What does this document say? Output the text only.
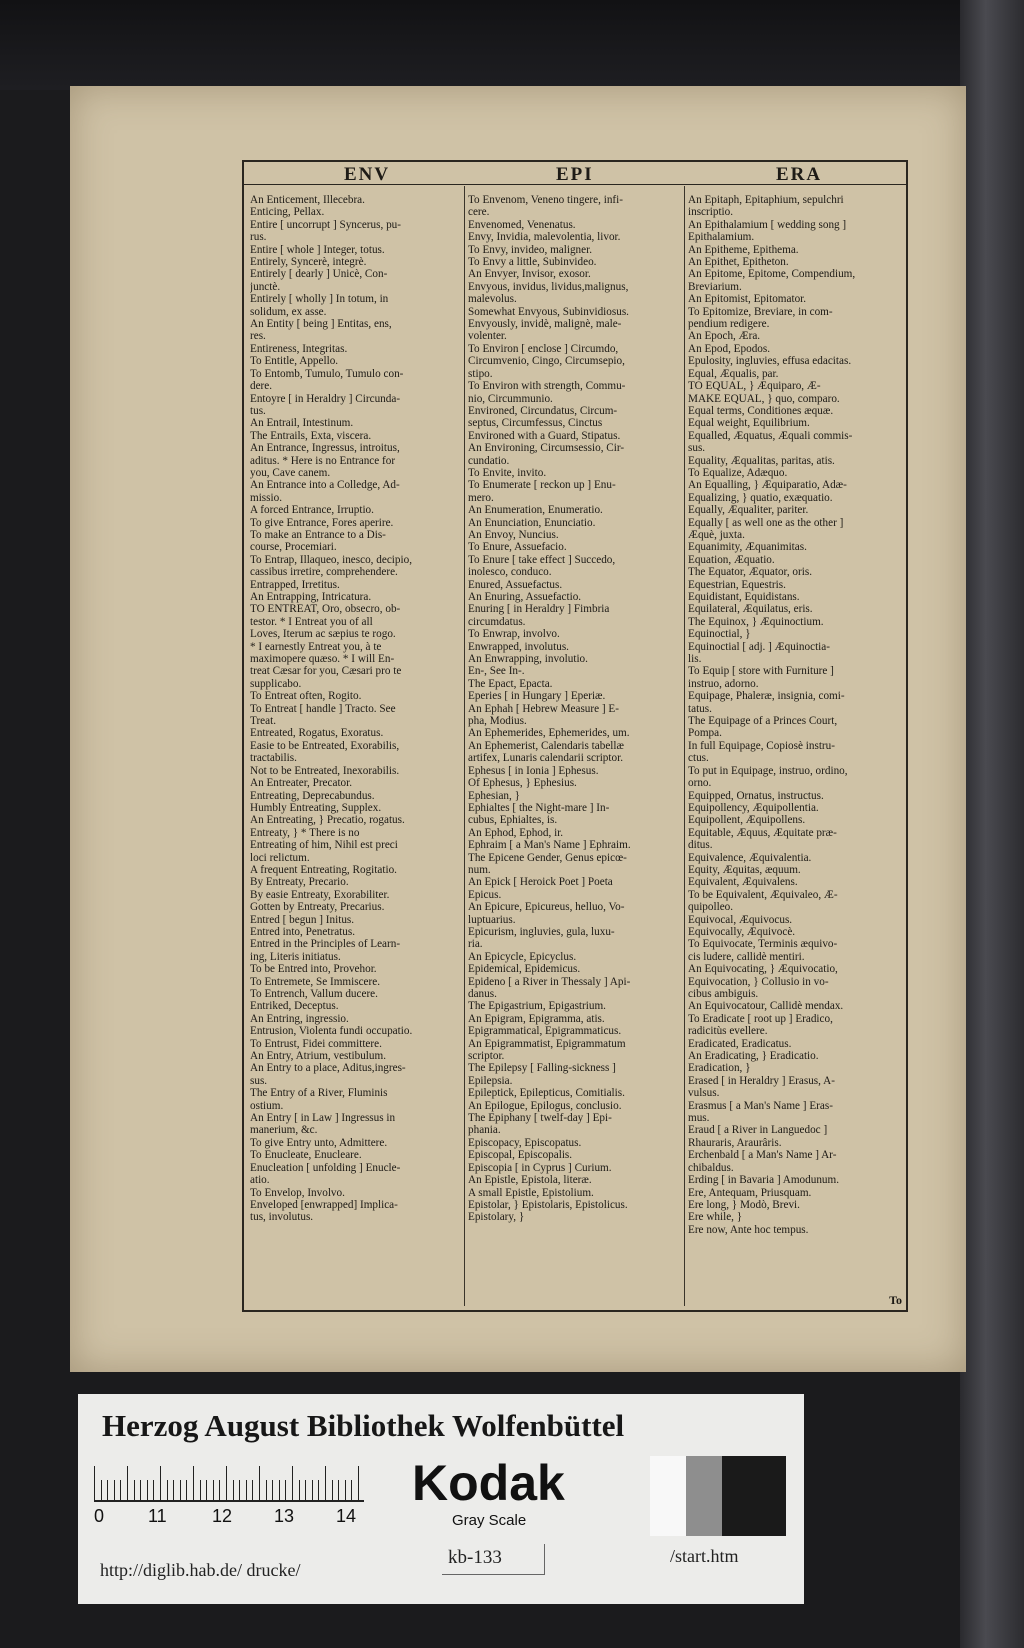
ENV	EPI	ERA
An Enticement, Illecebra.
Enticing, Pellax.
Entire [ uncorrupt ] Syncerus, pu-
rus.
Entire [ whole ] Integer, totus.
Entirely, Syncerè, integrè.
Entirely [ dearly ] Unicè, Con-
junctè.
Entirely [ wholly ] In totum, in
solidum, ex asse.
An Entity [ being ] Entitas, ens,
res.
Entireness, Integritas.
To Entitle, Appello.
To Entomb, Tumulo, Tumulo con-
dere.
Entoyre [ in Heraldry ] Circunda-
tus.
An Entrail, Intestinum.
The Entrails, Exta, viscera.
An Entrance, Ingressus, introitus,
aditus. * Here is no Entrance for
you, Cave canem.
An Entrance into a Colledge, Ad-
missio.
A forced Entrance, Irruptio.
To give Entrance, Fores aperire.
To make an Entrance to a Dis-
course, Procemiari.
To Entrap, Illaqueo, inesco, decipio,
cassibus irretire, comprehendere.
Entrapped, Irretitus.
An Entrapping, Intricatura.
TO ENTREAT, Oro, obsecro, ob-
testor. * I Entreat you of all
Loves, Iterum ac sæpius te rogo.
* I earnestly Entreat you, à te
maximopere quæso. * I will En-
treat Cæsar for you, Cæsari pro te
supplicabo.
To Entreat often, Rogito.
To Entreat [ handle ] Tracto. See
Treat.
Entreated, Rogatus, Exoratus.
Easie to be Entreated, Exorabilis,
tractabilis.
Not to be Entreated, Inexorabilis.
An Entreater, Precator.
Entreating, Deprecabundus.
Humbly Entreating, Supplex.
An Entreating, } Precatio, rogatus.
Entreaty, } * There is no
Entreating of him, Nihil est preci
loci relictum.
A frequent Entreating, Rogitatio.
By Entreaty, Precario.
By easie Entreaty, Exorabiliter.
Gotten by Entreaty, Precarius.
Entred [ begun ] Initus.
Entred into, Penetratus.
Entred in the Principles of Learn-
ing, Literis initiatus.
To be Entred into, Provehor.
To Entremete, Se Immiscere.
To Entrench, Vallum ducere.
Entriked, Deceptus.
An Entring, ingressio.
Entrusion, Violenta fundi occupatio.
To Entrust, Fidei committere.
An Entry, Atrium, vestibulum.
An Entry to a place, Aditus,ingres-
sus.
The Entry of a River, Fluminis
ostium.
An Entry [ in Law ] Ingressus in
manerium, &c.
To give Entry unto, Admittere.
To Enucleate, Enucleare.
Enucleation [ unfolding ] Enucle-
atio.
To Envelop, Involvo.
Enveloped [enwrapped] Implica-
tus, involutus.
To Envenom, Veneno tingere, infi-
cere.
Envenomed, Venenatus.
Envy, Invidia, malevolentia, livor.
To Envy, invideo, maligner.
To Envy a little, Subinvideo.
An Envyer, Invisor, exosor.
Envyous, invidus, lividus,malignus,
malevolus.
Somewhat Envyous, Subinvidiosus.
Envyously, invidè, malignè, male-
volenter.
To Environ [ enclose ] Circumdo,
Circumvenio, Cingo, Circumsepio,
stipo.
To Environ with strength, Commu-
nio, Circummunio.
Environed, Circundatus, Circum-
septus, Circumfessus, Cinctus
Environed with a Guard, Stipatus.
An Environing, Circumsessio, Cir-
cundatio.
To Envite, invito.
To Enumerate [ reckon up ] Enu-
mero.
An Enumeration, Enumeratio.
An Enunciation, Enunciatio.
An Envoy, Nuncius.
To Enure, Assuefacio.
To Enure [ take effect ] Succedo,
inolesco, conduco.
Enured, Assuefactus.
An Enuring, Assuefactio.
Enuring [ in Heraldry ] Fimbria
circumdatus.
To Enwrap, involvo.
Enwrapped, involutus.
An Enwrapping, involutio.
En-, See In-.
The Epact, Epacta.
Eperies [ in Hungary ] Eperiæ.
An Ephah [ Hebrew Measure ] E-
pha, Modius.
An Ephemerides, Ephemerides, um.
An Ephemerist, Calendaris tabellæ
artifex, Lunaris calendarii scriptor.
Ephesus [ in Ionia ] Ephesus.
Of Ephesus, } Ephesius.
Ephesian, }
Ephialtes [ the Night-mare ] In-
cubus, Ephialtes, is.
An Ephod, Ephod, ir.
Ephraim [ a Man's Name ] Ephraim.
The Epicene Gender, Genus epicœ-
num.
An Epick [ Heroick Poet ] Poeta
Epicus.
An Epicure, Epicureus, helluo, Vo-
luptuarius.
Epicurism, ingluvies, gula, luxu-
ria.
An Epicycle, Epicyclus.
Epidemical, Epidemicus.
Epideno [ a River in Thessaly ] Api-
danus.
The Epigastrium, Epigastrium.
An Epigram, Epigramma, atis.
Epigrammatical, Epigrammaticus.
An Epigrammatist, Epigrammatum
scriptor.
The Epilepsy [ Falling-sickness ]
Epilepsia.
Epileptick, Epilepticus, Comitialis.
An Epilogue, Epilogus, conclusio.
The Epiphany [ twelf-day ] Epi-
phania.
Episcopacy, Episcopatus.
Episcopal, Episcopalis.
Episcopia [ in Cyprus ] Curium.
An Epistle, Epistola, literæ.
A small Epistle, Epistolium.
Epistolar, } Epistolaris, Epistolicus.
Epistolary, }
An Epitaph, Epitaphium, sepulchri
inscriptio.
An Epithalamium [ wedding song ]
Epithalamium.
An Epitheme, Epithema.
An Epithet, Epitheton.
An Epitome, Epitome, Compendium,
Breviarium.
An Epitomist, Epitomator.
To Epitomize, Breviare, in com-
pendium redigere.
An Epoch, Æra.
An Epod, Epodos.
Epulosity, ingluvies, effusa edacitas.
Equal, Æqualis, par.
TO EQUAL, } Æquiparo, Æ-
MAKE EQUAL, } quo, comparo.
Equal terms, Conditiones æquæ.
Equal weight, Equilibrium.
Equalled, Æquatus, Æquali commis-
sus.
Equality, Æqualitas, paritas, atis.
To Equalize, Adæquo.
An Equalling, } Æquiparatio, Adæ-
Equalizing, } quatio, exæquatio.
Equally, Æqualiter, pariter.
Equally [ as well one as the other ]
Æquè, juxta.
Equanimity, Æquanimitas.
Equation, Æquatio.
The Equator, Æquator, oris.
Equestrian, Equestris.
Equidistant, Equidistans.
Equilateral, Æquilatus, eris.
The Equinox, } Æquinoctium.
Equinoctial, }
Equinoctial [ adj. ] Æquinoctia-
lis.
To Equip [ store with Furniture ]
instruo, adorno.
Equipage, Phaleræ, insignia, comi-
tatus.
The Equipage of a Princes Court,
Pompa.
In full Equipage, Copiosè instru-
ctus.
To put in Equipage, instruo, ordino,
orno.
Equipped, Ornatus, instructus.
Equipollency, Æquipollentia.
Equipollent, Æquipollens.
Equitable, Æquus, Æquitate præ-
ditus.
Equivalence, Æquivalentia.
Equity, Æquitas, æquum.
Equivalent, Æquivalens.
To be Equivalent, Æquivaleo, Æ-
quipolleo.
Equivocal, Æquivocus.
Equivocally, Æquivocè.
To Equivocate, Terminis æquivo-
cis ludere, callidè mentiri.
An Equivocating, } Æquivocatio,
Equivocation, } Collusio in vo-
cibus ambiguis.
An Equivocatour, Callidè mendax.
To Eradicate [ root up ] Eradico,
radicitùs evellere.
Eradicated, Eradicatus.
An Eradicating, } Eradicatio.
Eradication, }
Erased [ in Heraldry ] Erasus, A-
vulsus.
Erasmus [ a Man's Name ] Eras-
mus.
Eraud [ a River in Languedoc ]
Rhauraris, Araurâris.
Erchenbald [ a Man's Name ] Ar-
chibaldus.
Erding [ in Bavaria ] Amodunum.
Ere, Antequam, Priusquam.
Ere long, } Modò, Brevi.
Ere while, }
Ere now, Ante hoc tempus.
To
Herzog August Bibliothek Wolfenbüttel
0 11	12 13 14
Kodak
Gray Scale
http://diglib.hab.de/ drucke/
kb-133	/start.htm
